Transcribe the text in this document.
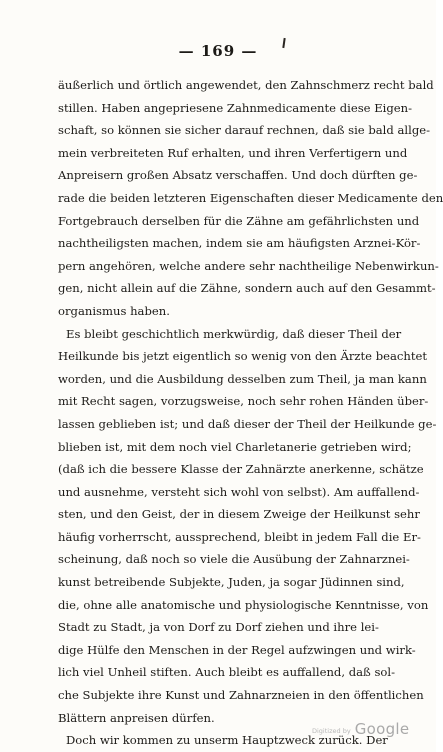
— 169 —
äußerlich und örtlich angewendet, den Zahnschmerz recht bald
stillen. Haben angepriesene Zahnmedicamente diese Eigen-
schaft, so können sie sicher darauf rechnen, daß sie bald allge-
mein verbreiteten Ruf erhalten, und ihren Verfertigern und
Anpreisern großen Absatz verschaffen. Und doch dürften ge-
rade die beiden letzteren Eigenschaften dieser Medicamente den
Fortgebrauch derselben für die Zähne am gefährlichsten und
nachtheiligsten machen, indem sie am häufigsten Arznei-Kör-
pern angehören, welche andere sehr nachtheilige Nebenwirkun-
gen, nicht allein auf die Zähne, sondern auch auf den Gesammt-
organismus haben.
Es bleibt geschichtlich merkwürdig, daß dieser Theil der
Heilkunde bis jetzt eigentlich so wenig von den Ärzte beachtet
worden, und die Ausbildung desselben zum Theil, ja man kann
mit Recht sagen, vorzugsweise, noch sehr rohen Händen über-
lassen geblieben ist; und daß dieser der Theil der Heilkunde ge-
blieben ist, mit dem noch viel Charletanerie getrieben wird;
(daß ich die bessere Klasse der Zahnärzte anerkenne, schätze
und ausnehme, versteht sich wohl von selbst). Am auffallend-
sten, und den Geist, der in diesem Zweige der Heilkunst sehr
häufig vorherrscht, aussprechend, bleibt in jedem Fall die Er-
scheinung, daß noch so viele die Ausübung der Zahnarznei-
kunst betreibende Subjekte, Juden, ja sogar Jüdinnen sind,
die, ohne alle anatomische und physiologische Kenntnisse, von
Stadt zu Stadt, ja von Dorf zu Dorf ziehen und ihre lei-
dige Hülfe den Menschen in der Regel aufzwingen und wirk-
lich viel Unheil stiften. Auch bleibt es auffallend, daß sol-
che Subjekte ihre Kunst und Zahnarzneien in den öffentlichen
Blättern anpreisen dürfen.
Doch wir kommen zu unserm Hauptzweck zurück. Der
Digitized by Google
